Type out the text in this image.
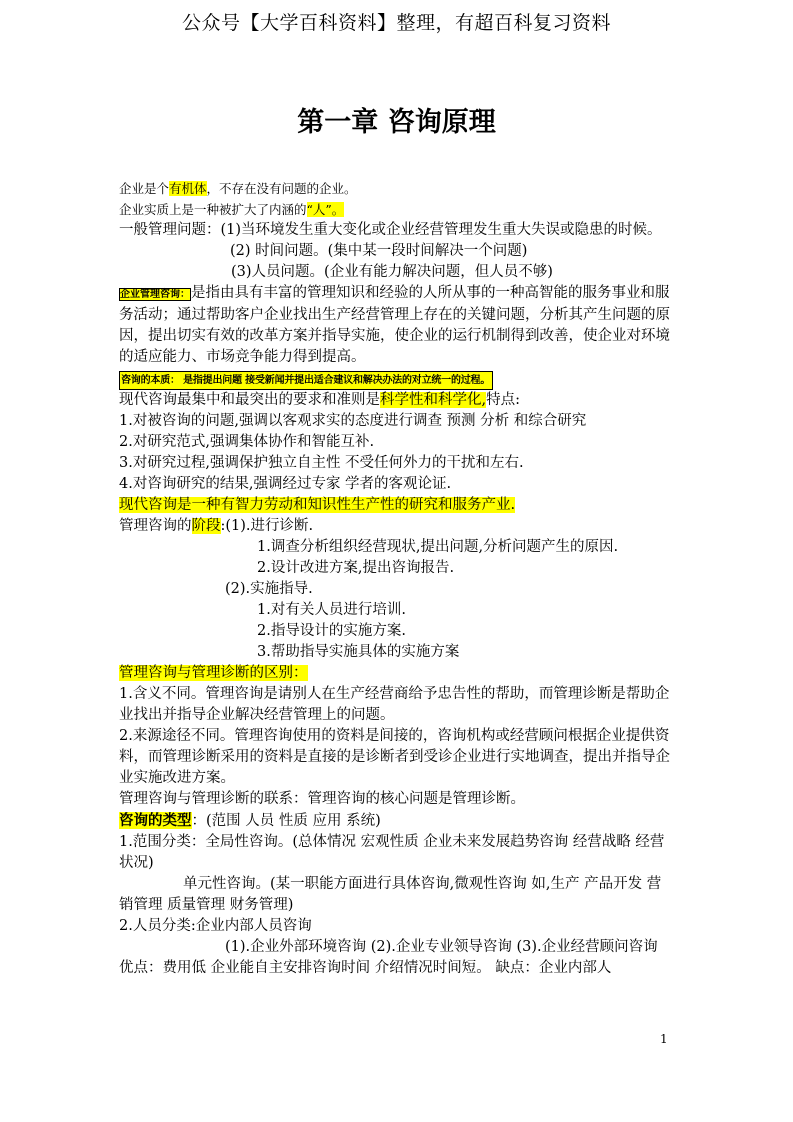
公众号【大学百科资料】整理，有超百科复习资料
第一章 咨询原理

企业是个有机体，不存在没有问题的企业。

企业实质上是一种被扩大了内涵的“人”。

一般管理问题：(1)当环境发生重大变化或企业经营管理发生重大失误或隐患的时候。

(2) 时间问题。(集中某一段时间解决一个问题)

(3)人员问题。(企业有能力解决问题，但人员不够)

企业管理咨询：是指由具有丰富的管理知识和经验的人所从事的一种高智能的服务事业和服务活动；通过帮助客户企业找出生产经营管理上存在的关键问题，分析其产生问题的原因，提出切实有效的改革方案并指导实施，使企业的运行机制得到改善，使企业对环境的适应能力、市场竞争能力得到提高。

咨询的本质： 是指提出问题 接受新闻并提出适合建议和解决办法的对立统一的过程。

现代咨询最集中和最突出的要求和准则是科学性和科学化,特点:

1.对被咨询的问题,强调以客观求实的态度进行调查 预测 分析 和综合研究

2.对研究范式,强调集体协作和智能互补.

3.对研究过程,强调保护独立自主性 不受任何外力的干扰和左右.

4.对咨询研究的结果,强调经过专家 学者的客观论证.

现代咨询是一种有智力劳动和知识性生产性的研究和服务产业.

管理咨询的阶段:(1).进行诊断.

1.调查分析组织经营现状,提出问题,分析问题产生的原因.

2.设计改进方案,提出咨询报告.

(2).实施指导.

1.对有关人员进行培训.

2.指导设计的实施方案.

3.帮助指导实施具体的实施方案

管理咨询与管理诊断的区别：

1.含义不同。管理咨询是请别人在生产经营商给予忠告性的帮助，而管理诊断是帮助企业找出并指导企业解决经营管理上的问题。

2.来源途径不同。管理咨询使用的资料是间接的，咨询机构或经营顾问根据企业提供资料，而管理诊断采用的资料是直接的是诊断者到受诊企业进行实地调查，提出并指导企业实施改进方案。

管理咨询与管理诊断的联系：管理咨询的核心问题是管理诊断。

咨询的类型：(范围 人员 性质 应用 系统)

1.范围分类：全局性咨询。(总体情况 宏观性质 企业未来发展趋势咨询 经营战略 经营状况)

单元性咨询。(某一职能方面进行具体咨询,微观性咨询 如,生产 产品开发 营销管理 质量管理 财务管理)

2.人员分类:企业内部人员咨询

(1).企业外部环境咨询 (2).企业专业领导咨询 (3).企业经营顾问咨询

优点：费用低 企业能自主安排咨询时间 介绍情况时间短。 缺点：企业内部人

1
